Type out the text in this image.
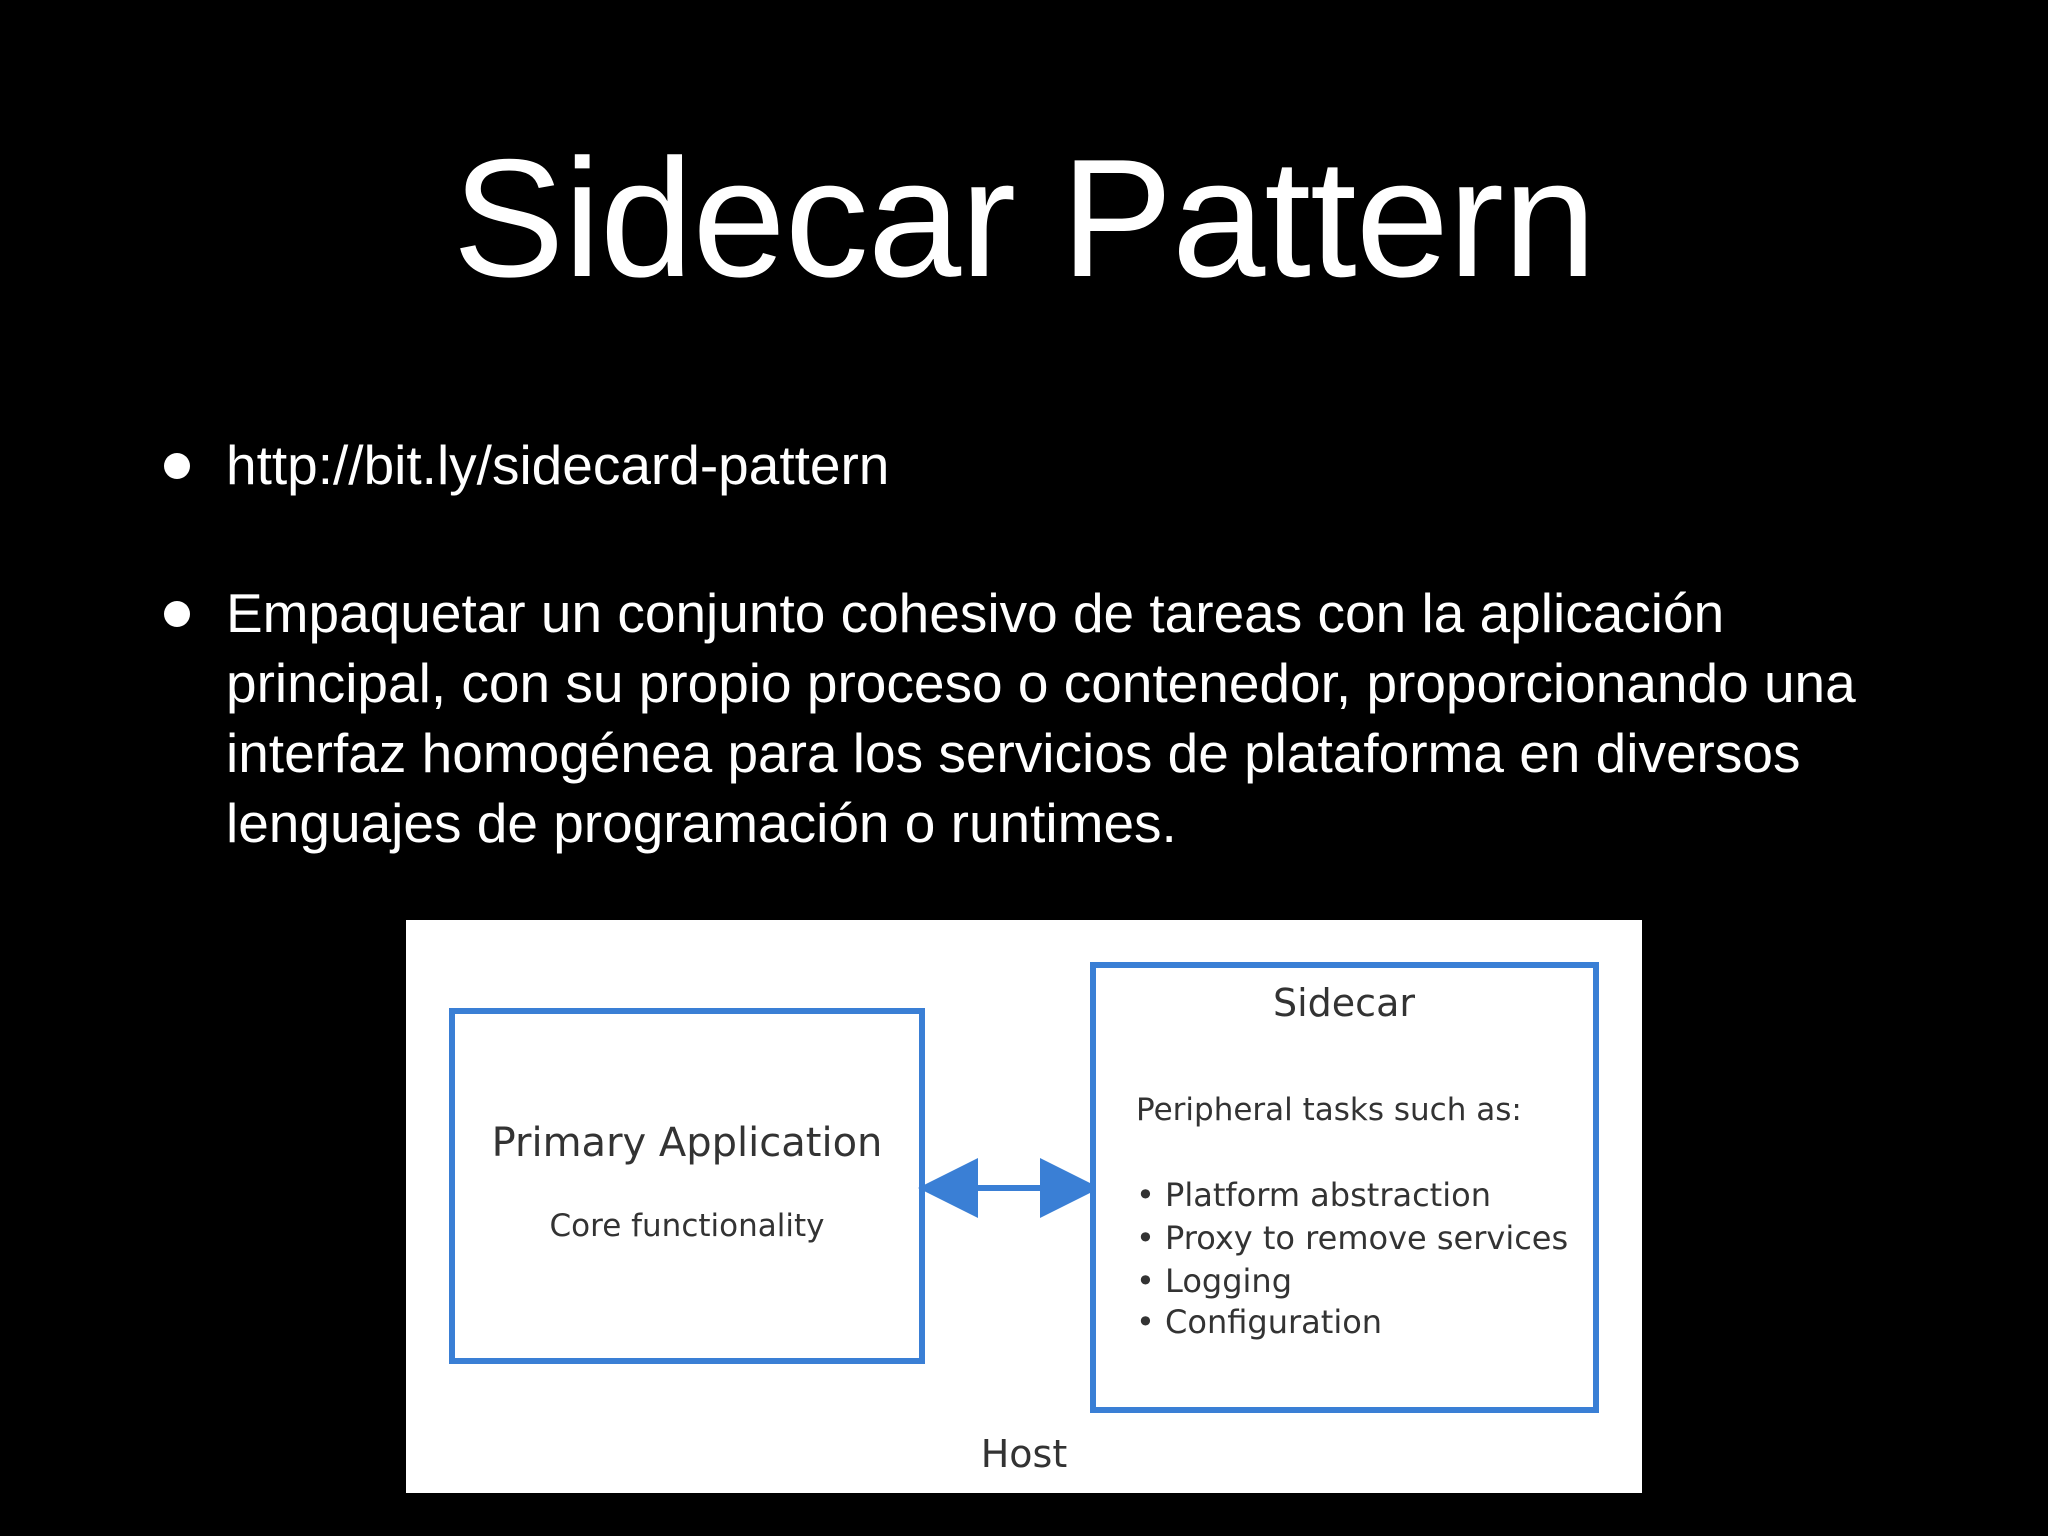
Sidecar Pattern
http://bit.ly/sidecard-pattern
Empaquetar un conjunto cohesivo de tareas con la aplicación principal, con su propio proceso o contenedor, proporcionando una interfaz homogénea para los servicios de plataforma en diversos lenguajes de programación o runtimes.
Primary Application
Core functionality
Sidecar
Peripheral tasks such as:
• Platform abstraction
• Proxy to remove services
• Logging
• Configuration
Host
